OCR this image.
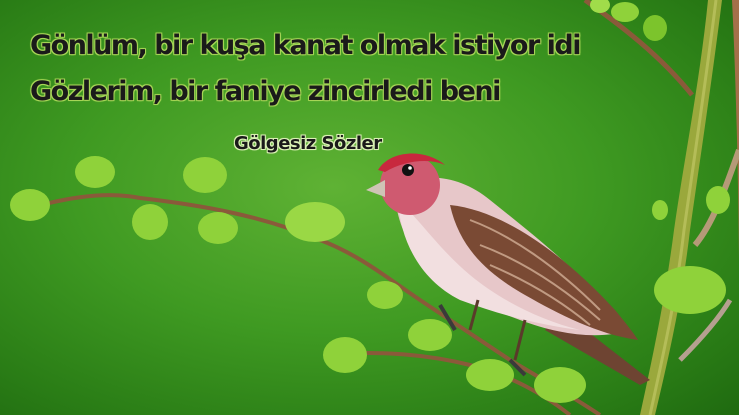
Gönlüm, bir kuşa kanat olmak istiyor idi
Gözlerim, bir faniye zincirledi beni
Gölgesiz Sözler
